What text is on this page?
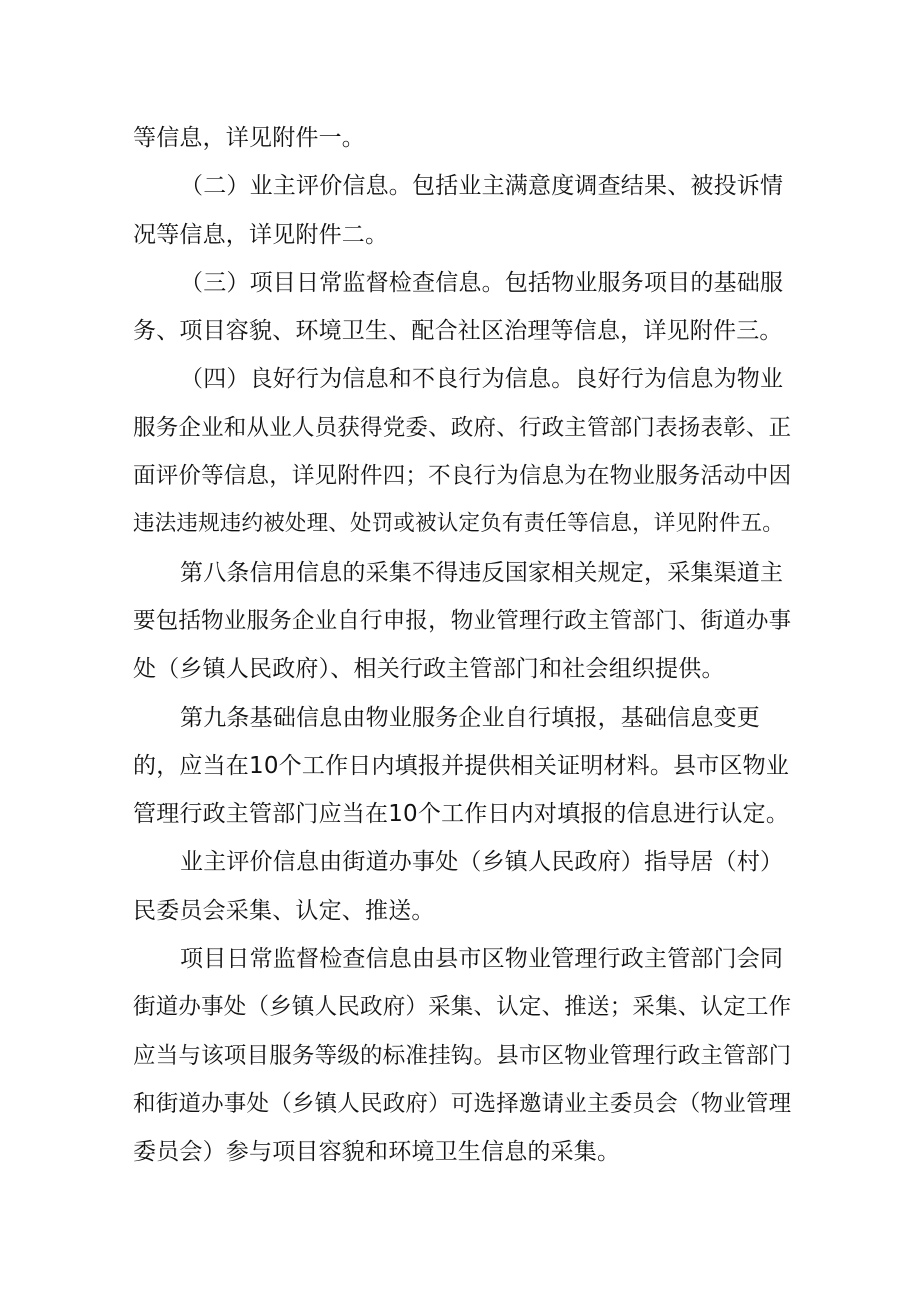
等信息，详见附件一。
（二）业主评价信息。包括业主满意度调查结果、被投诉情
况等信息，详见附件二。
（三）项目日常监督检查信息。包括物业服务项目的基础服
务、项目容貌、环境卫生、配合社区治理等信息，详见附件三。
（四）良好行为信息和不良行为信息。良好行为信息为物业
服务企业和从业人员获得党委、政府、行政主管部门表扬表彰、正
面评价等信息，详见附件四；不良行为信息为在物业服务活动中因
违法违规违约被处理、处罚或被认定负有责任等信息，详见附件五。
第八条信用信息的采集不得违反国家相关规定，采集渠道主
要包括物业服务企业自行申报，物业管理行政主管部门、街道办事
处（乡镇人民政府）、相关行政主管部门和社会组织提供。
第九条基础信息由物业服务企业自行填报，基础信息变更
的，应当在10个工作日内填报并提供相关证明材料。县市区物业
管理行政主管部门应当在10个工作日内对填报的信息进行认定。
业主评价信息由街道办事处（乡镇人民政府）指导居（村）
民委员会采集、认定、推送。
项目日常监督检查信息由县市区物业管理行政主管部门会同
街道办事处（乡镇人民政府）采集、认定、推送；采集、认定工作
应当与该项目服务等级的标准挂钩。县市区物业管理行政主管部门
和街道办事处（乡镇人民政府）可选择邀请业主委员会（物业管理
委员会）参与项目容貌和环境卫生信息的采集。
